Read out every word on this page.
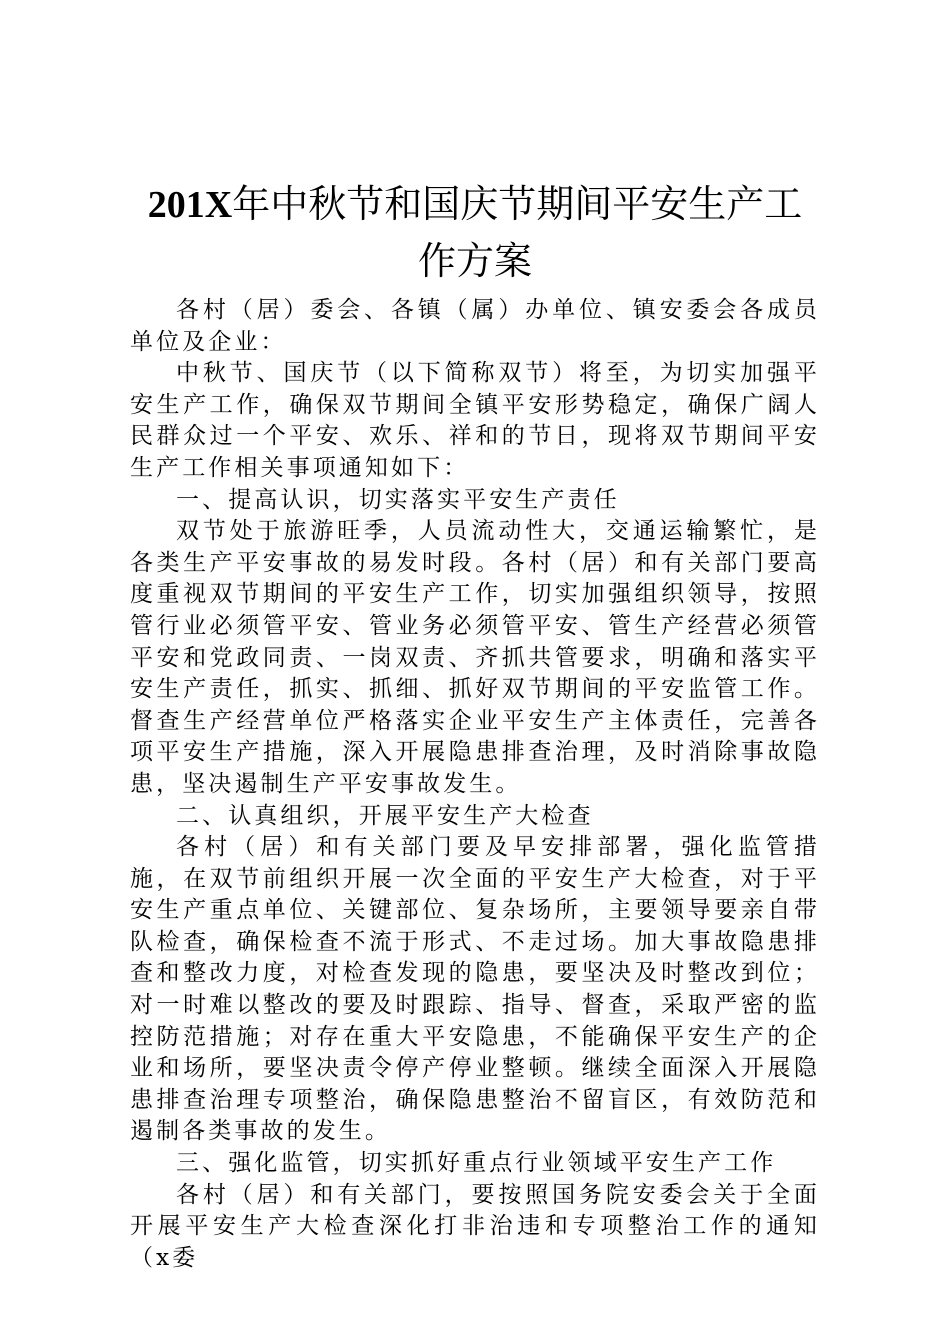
201X年中秋节和国庆节期间平安生产工作方案

各村（居）委会、各镇（属）办单位、镇安委会各成员单位及企业：

中秋节、国庆节（以下简称双节）将至，为切实加强平安生产工作，确保双节期间全镇平安形势稳定，确保广阔人民群众过一个平安、欢乐、祥和的节日，现将双节期间平安生产工作相关事项通知如下：

一、提高认识，切实落实平安生产责任

双节处于旅游旺季，人员流动性大，交通运输繁忙，是各类生产平安事故的易发时段。各村（居）和有关部门要高度重视双节期间的平安生产工作，切实加强组织领导，按照管行业必须管平安、管业务必须管平安、管生产经营必须管平安和党政同责、一岗双责、齐抓共管要求，明确和落实平安生产责任，抓实、抓细、抓好双节期间的平安监管工作。督查生产经营单位严格落实企业平安生产主体责任，完善各项平安生产措施，深入开展隐患排查治理，及时消除事故隐患，坚决遏制生产平安事故发生。

二、认真组织，开展平安生产大检查

各村（居）和有关部门要及早安排部署，强化监管措施，在双节前组织开展一次全面的平安生产大检查，对于平安生产重点单位、关键部位、复杂场所，主要领导要亲自带队检查，确保检查不流于形式、不走过场。加大事故隐患排查和整改力度，对检查发现的隐患，要坚决及时整改到位；对一时难以整改的要及时跟踪、指导、督查，采取严密的监控防范措施；对存在重大平安隐患，不能确保平安生产的企业和场所，要坚决责令停产停业整顿。继续全面深入开展隐患排查治理专项整治，确保隐患整治不留盲区，有效防范和遏制各类事故的发生。

三、强化监管，切实抓好重点行业领域平安生产工作

各村（居）和有关部门，要按照国务院安委会关于全面开展平安生产大检查深化打非治违和专项整治工作的通知（x委
